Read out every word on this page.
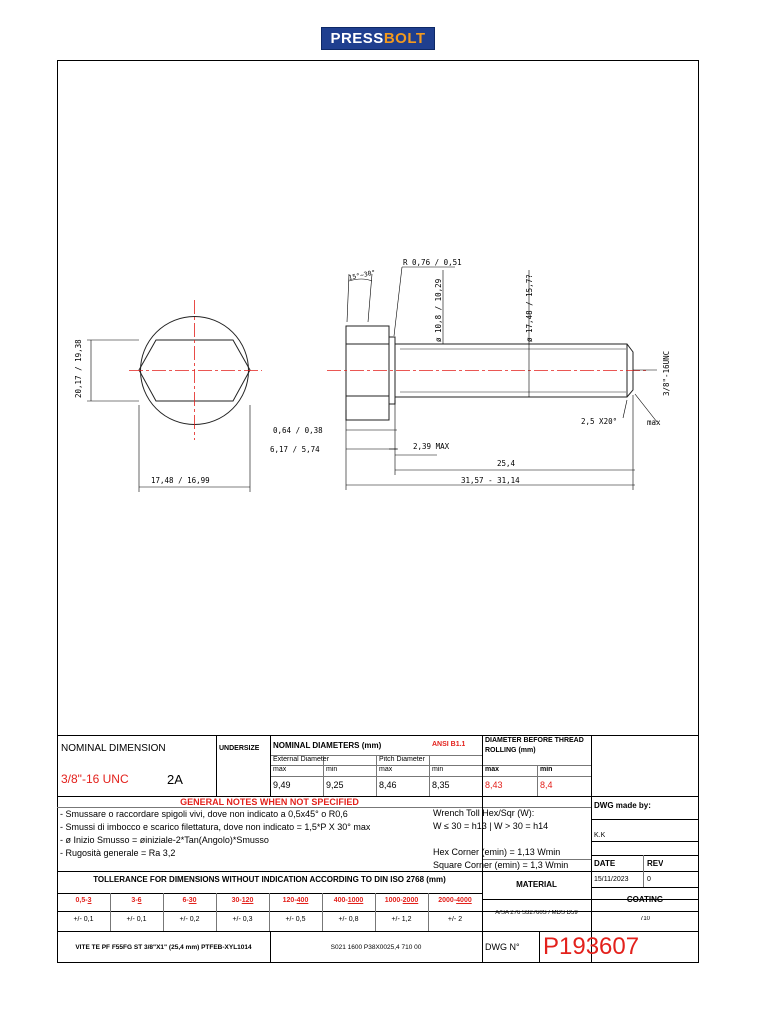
PRESS BOLT
20,17 / 19,38
17,48 / 16,99
15°~30°
R 0,76 / 0,51
ø 10,8 / 10,29	ø 17,48 / 15,7?
0,64 / 0,38
6,17 / 5,74	2,39 MAX
25,4
31,57 - 31,14
3/8"-16UNC
2,5 X20°	max
NOMINAL DIMENSION	UNDERSIZE NOMINAL DIAMETERS (mm)	ANSI B1.1
DIAMETER BEFORE THREAD ROLLING (mm)
External Diameter	Pitch Diameter
max	min	max	min	max	min
3/8"-16 UNC	2A	9,49	9,25	8,46	8,35	8,43	8,4
GENERAL NOTES WHEN NOT SPECIFIED
- Smussare o raccordare spigoli vivi, dove non indicato a 0,5x45° o R0,6
- Smussi di imbocco e scarico filettatura, dove non indicato = 1,5*P X 30° max
- ø Inizio Smusso = øiniziale-2*Tan(Angolo)*Smusso
- Rugosità generale = Ra 3,2
Wrench Toll Hex/Sqr (W):
W ≤ 30 = h13 | W > 30 = h14
Hex Corner (emin) = 1,13 Wmin
Square Corner (emin) = 1,3 Wmin
DWG made by:
K.K
DATE	REV
15/11/2023	0
TOLLERANCE FOR DIMENSIONS WITHOUT INDICATION ACCORDING TO DIN ISO 2768 (mm)
0,5-3	3-6	6-30	30-120	120-400	400-1000	1000-2000	2000-4000
+/- 0,1	+/- 0,1	+/- 0,2	+/- 0,3	+/- 0,5	+/- 0,8	+/- 1,2	+/- 2
MATERIAL
A/SA 276 S32760S / MDS D59
COATING
710
VITE TE PF F55FG ST 3/8"X1" (25,4 mm) PTFEB-XYL1014	S021 1600 P38X0025,4 710 00	DWG N° P193607
